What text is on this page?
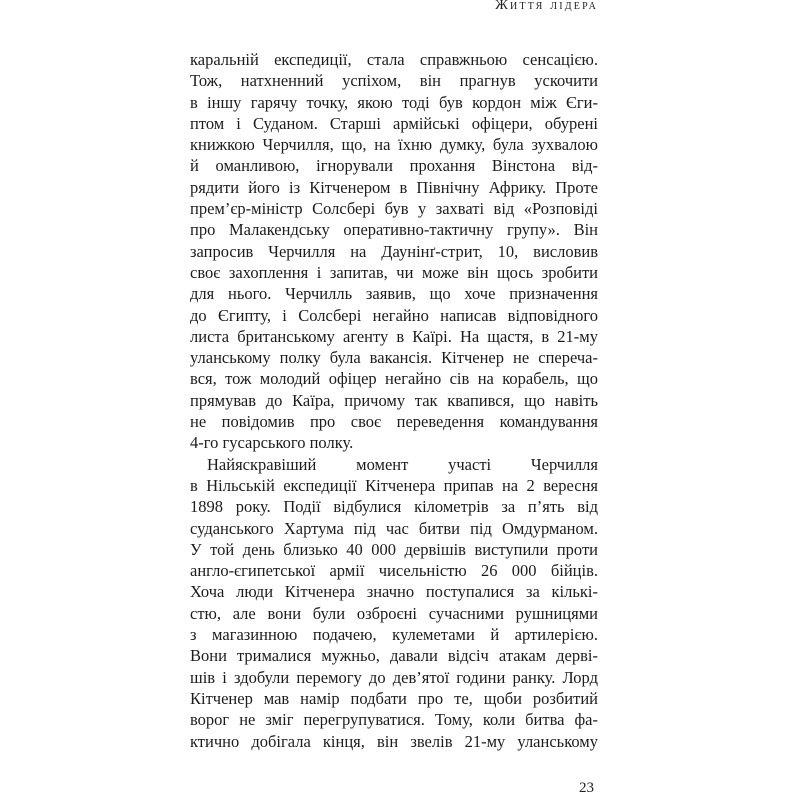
Життя лідера
каральній експедиції, стала справжньою сенсацією.
Тож, натхненний успіхом, він прагнув ускочити
в іншу гарячу точку, якою тоді був кордон між Єги-
птом і Суданом. Старші армійські офіцери, обурені
книжкою Черчилля, що, на їхню думку, була зухвалою
й оманливою, ігнорували прохання Вінстона від-
рядити його із Кітченером в Північну Африку. Проте
прем’єр-міністр Солсбері був у захваті від «Розповіді
про Малакендську оперативно-тактичну групу». Він
запросив Черчилля на Даунінґ-стрит, 10, висловив
своє захоплення і запитав, чи може він щось зробити
для нього. Черчилль заявив, що хоче призначення
до Єгипту, і Солсбері негайно написав відповідного
листа британському агенту в Каїрі. На щастя, в 21-му
уланському полку була вакансія. Кітченер не спереча-
вся, тож молодий офіцер негайно сів на корабель, що
прямував до Каїра, причому так квапився, що навіть
не повідомив про своє переведення командування
4-го гусарського полку.
Найяскравіший момент участі Черчилля
в Нільській експедиції Кітченера припав на 2 вересня
1898 року. Події відбулися кілометрів за п’ять від
суданського Хартума під час битви під Омдурманом.
У той день близько 40 000 дервішів виступили проти
англо-єгипетської армії чисельністю 26 000 бійців.
Хоча люди Кітченера значно поступалися за кількі-
стю, але вони були озброєні сучасними рушницями
з магазинною подачею, кулеметами й артилерією.
Вони трималися мужньо, давали відсіч атакам дерві-
шів і здобули перемогу до дев’ятої години ранку. Лорд
Кітченер мав намір подбати про те, щоби розбитий
ворог не зміг перегрупуватися. Тому, коли битва фа-
ктично добігала кінця, він звелів 21-му уланському
23
